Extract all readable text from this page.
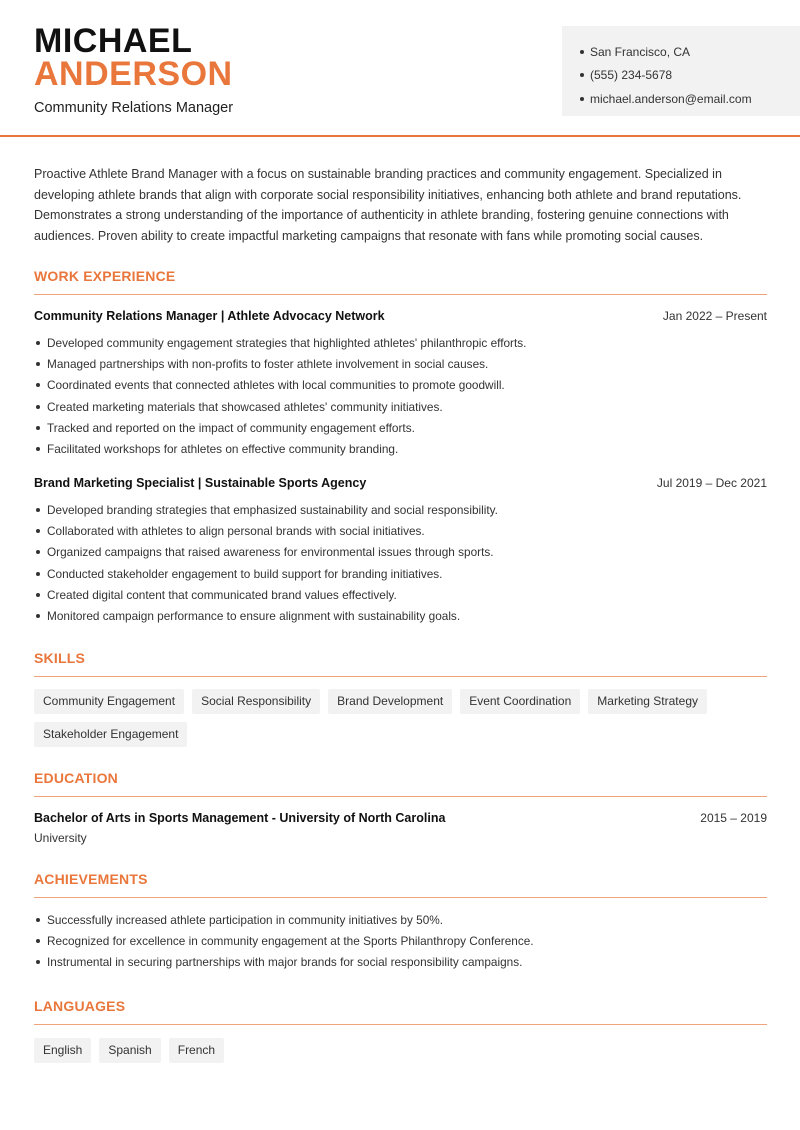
MICHAEL
ANDERSON
Community Relations Manager
San Francisco, CA
(555) 234-5678
michael.anderson@email.com

Proactive Athlete Brand Manager with a focus on sustainable branding practices and community engagement. Specialized in developing athlete brands that align with corporate social responsibility initiatives, enhancing both athlete and brand reputations. Demonstrates a strong understanding of the importance of authenticity in athlete branding, fostering genuine connections with audiences. Proven ability to create impactful marketing campaigns that resonate with fans while promoting social causes.

WORK EXPERIENCE
Community Relations Manager | Athlete Advocacy Network	Jan 2022 – Present
Developed community engagement strategies that highlighted athletes' philanthropic efforts.
Managed partnerships with non-profits to foster athlete involvement in social causes.
Coordinated events that connected athletes with local communities to promote goodwill.
Created marketing materials that showcased athletes' community initiatives.
Tracked and reported on the impact of community engagement efforts.
Facilitated workshops for athletes on effective community branding.
Brand Marketing Specialist | Sustainable Sports Agency	Jul 2019 – Dec 2021
Developed branding strategies that emphasized sustainability and social responsibility.
Collaborated with athletes to align personal brands with social initiatives.
Organized campaigns that raised awareness for environmental issues through sports.
Conducted stakeholder engagement to build support for branding initiatives.
Created digital content that communicated brand values effectively.
Monitored campaign performance to ensure alignment with sustainability goals.
SKILLS
Community Engagement	Social Responsibility	Brand Development	Event Coordination	Marketing Strategy
Stakeholder Engagement
EDUCATION
Bachelor of Arts in Sports Management - University of North Carolina	2015 – 2019
University
ACHIEVEMENTS
Successfully increased athlete participation in community initiatives by 50%.
Recognized for excellence in community engagement at the Sports Philanthropy Conference.
Instrumental in securing partnerships with major brands for social responsibility campaigns.
LANGUAGES
English	Spanish	French
